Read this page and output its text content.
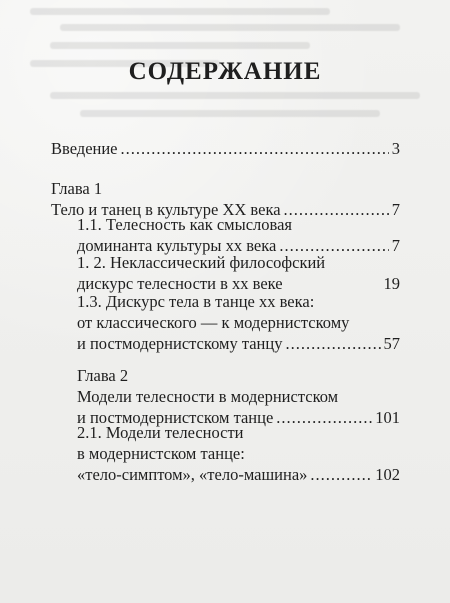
СОДЕРЖАНИЕ
Введение .....	3
Глава 1
Тело и танец в культуре XX века .....	7
1.1. Телесность как смысловая
доминанта культуры хх века .....	7
1. 2. Неклассический философский
дискурс телесности в хх веке	19
1.3. Дискурс тела в танце хх века:
от классического — к модернистскому
и постмодернистскому танцу .....	57
Глава 2
Модели телесности в модернистском
и постмодернистском танце .....	101
2.1. Модели телесности
в модернистском танце:
«тело-симптом», «тело-машина» .....	102
